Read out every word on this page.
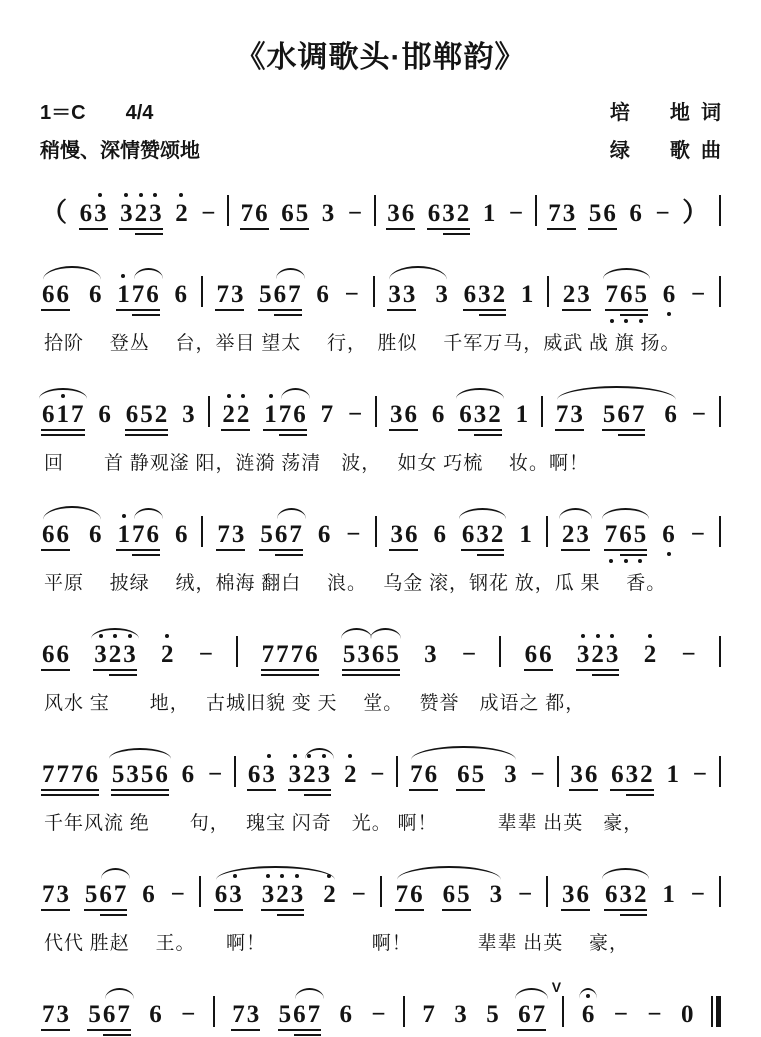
《水调歌头·邯郸韵》
1＝C 4/4	培　　地  词
稍慢、深情赞颂地	绿　　歌  曲
（ 63 3
2
3 2 − 76 65 3 − 36 632 1 − 73 56 6 − ）
66 6 1
76 6 73 567 6 − 33 3 632 1 23 7
6
5 6 −
拾阶　 登丛　 台，举目 望太　 行，　胜似　 千军万马，威武 战 旗 扬。
61
7 6 652 3 2
2 1
76 7 − 36 6 632 1 73 567 6 −
回　　首 静观滏 阳，涟漪 荡清　波，　 如女 巧梳　 妆。啊！
66 6 1
76 6 73 567 6 − 36 6 632 1 23 7
6
5 6 −
平原　 披绿　 绒，棉海 翻白　 浪。　 乌金 滚，钢花 放，瓜 果　 香。
66 3
2
3 2 − 7776 5365 3 − 66 3
2
3 2 −
风水 宝　　地，　 古城旧貌 变 天　 堂。　 赞誉　成语之 都，
7776 5356 6 − 63 3
2
3 2 − 76 65 3 − 36 632 1 −
千年风流 绝　　句，　 瑰宝 闪奇　光。 啊！　　　辈辈 出英　豪，
73 567 6 − 63 3
2
3 2 − 76 65 3 − 36 632 1 −
代代 胜赵　 王。　　啊！　　　　　 啊！　　　 辈辈 出英　 豪，
73 567 6 − 73 567 6 − 7 3 5 67
V
6 − − 0
